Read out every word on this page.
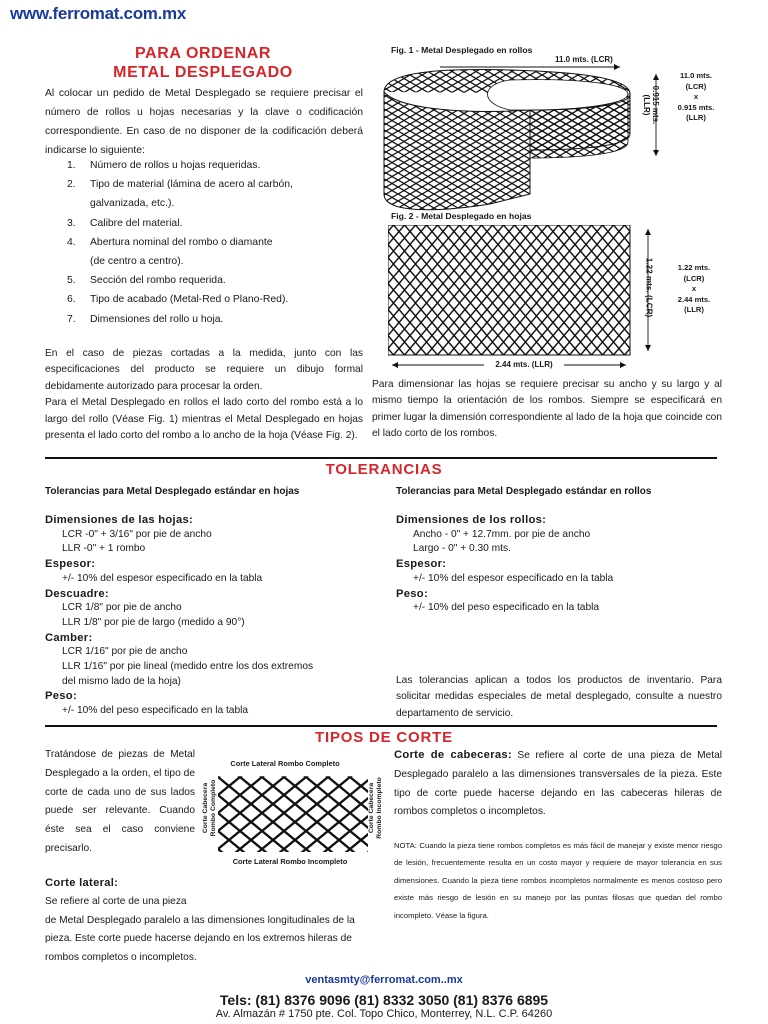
www.ferromat.com.mx
PARA ORDENAR
METAL DESPLEGADO
Al colocar un pedido de Metal Desplegado se requiere precisar el número de rollos u hojas necesarias y la clave o codificación correspondiente. En caso de no disponer de la codificación deberá indicarse lo siguiente:
1. Número de rollos u hojas requeridas.
2. Tipo de material (lámina de acero al carbón,
galvanizada, etc.).
3. Calibre del material.
4. Abertura nominal del rombo o diamante
(de centro a centro).
5. Sección del rombo requerida.
6. Tipo de acabado (Metal-Red o Plano-Red).
7. Dimensiones del rollo u hoja.
En el caso de piezas cortadas a la medida, junto con las especificaciones del producto se requiere un dibujo formal debidamente autorizado para procesar la orden.
Para el Metal Desplegado en rollos el lado corto del rombo está a lo largo del rollo (Véase Fig. 1) mientras el Metal Desplegado en hojas presenta el lado corto del rombo a lo ancho de la hoja (Véase Fig. 2).
Fig. 1 - Metal Desplegado en rollos
11.0 mts. (LCR)
0.915 mts.
(LLR)
11.0 mts.
(LCR)
x
0.915 mts.
(LLR)
Fig. 2 - Metal Desplegado en hojas
1.22 mts. (LCR)
2.44 mts. (LLR)
1.22 mts.
(LCR)
x
2.44 mts.
(LLR)
Para dimensionar las hojas se requiere precisar su ancho y su largo y al mismo tiempo la orientación de los rombos. Siempre se especificará en primer lugar la dimensión correspondiente al lado de la hoja que coincide con el lado corto de los rombos.
TOLERANCIAS
Tolerancias para Metal Desplegado estándar en hojas	Tolerancias para Metal Desplegado estándar en rollos
Dimensiones de las hojas:
LCR -0" + 3/16" por pie de ancho
LLR -0" + 1 rombo
Espesor:
+/- 10% del espesor especificado en la tabla
Descuadre:
LCR 1/8" por pie de ancho
LLR 1/8" por pie de largo (medido a 90°)
Camber:
LCR 1/16" por pie de ancho
LLR 1/16" por pie lineal (medido entre los dos extremos
del mismo lado de la hoja)
Peso:
+/- 10% del peso especificado en la tabla
Dimensiones de los rollos:
Ancho - 0" + 12.7mm. por pie de ancho
Largo - 0" + 0.30 mts.
Espesor:
+/- 10% del espesor especificado en la tabla
Peso:
+/- 10% del peso especificado en la tabla
Las tolerancias aplican a todos los productos de inventario. Para solicitar medidas especiales de metal desplegado, consulte a nuestro departamento de servicio.
TIPOS DE CORTE
Tratándose de piezas de Metal Desplegado a la orden, el tipo de corte de cada uno de sus lados puede ser relevante. Cuando éste sea el caso conviene precisarlo.
Corte Lateral Rombo Completo
Corte Lateral Rombo Incompleto
Corte Cabecera Rombo Completo	Corte Cabecera Rombo Incompleto
Corte lateral:
Se refiere al corte de una pieza
de Metal Desplegado paralelo a las dimensiones longitudinales de la pieza. Este corte puede hacerse dejando en los extremos hileras de rombos completos o incompletos.
Corte de cabeceras: Se refiere al corte de una pieza de Metal Desplegado paralelo a las dimensiones transversales de la pieza. Este tipo de corte puede hacerse dejando en las cabeceras hileras de rombos completos o incompletos.
NOTA: Cuando la pieza tiene rombos completos es más fácil de manejar y existe menor riesgo de lesión, frecuentemente resulta en un costo mayor y requiere de mayor tolerancia en sus dimensiones. Cuando la pieza tiene rombos incompletos normalmente es menos costoso pero existe más riesgo de lesión en su manejo por las puntas filosas que quedan del rombo incompleto. Véase la figura.
ventasmty@ferromat.com..mx
Tels: (81) 8376 9096 (81) 8332 3050 (81) 8376 6895
Av. Almazán # 1750 pte. Col. Topo Chico, Monterrey, N.L. C.P. 64260
